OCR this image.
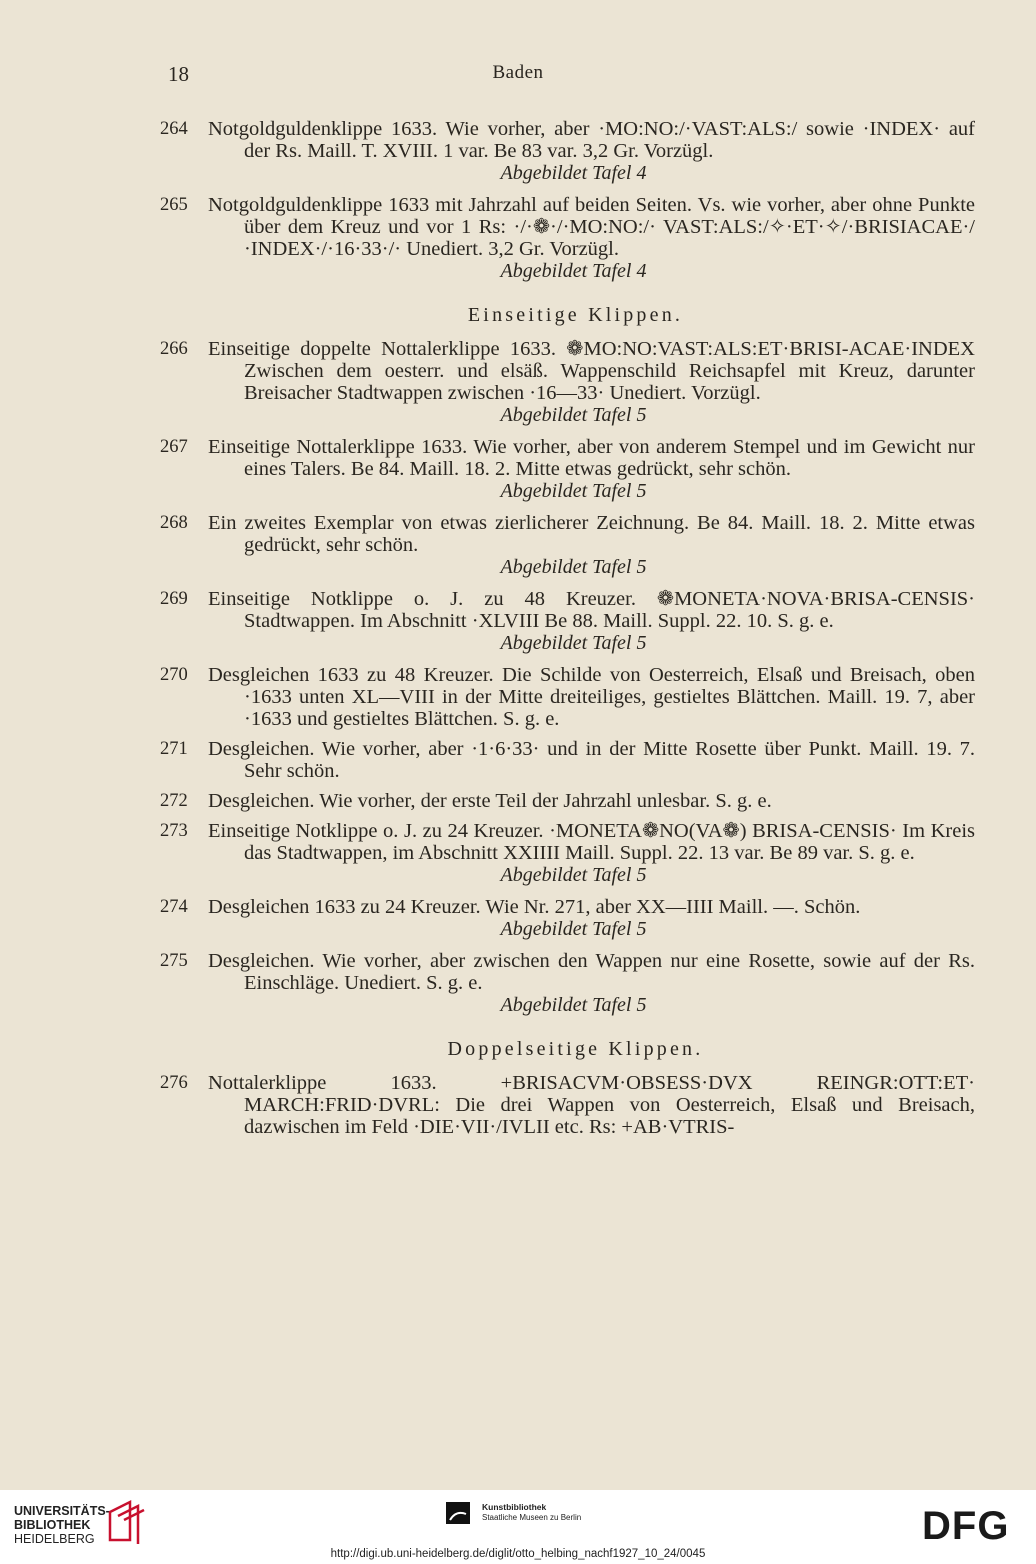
18	Baden
264 Notgoldguldenklippe 1633. Wie vorher, aber ·MO:NO:/·VAST:ALS:/ sowie ·INDEX· auf der Rs. Maill. T. XVIII. 1 var. Be 83 var. 3,2 Gr. Vorzügl.
Abgebildet Tafel 4
265 Notgoldguldenklippe 1633 mit Jahrzahl auf beiden Seiten. Vs. wie vorher, aber ohne Punkte über dem Kreuz und vor 1 Rs: ·/·❁·/·MO:NO:/· VAST:ALS:/✧·ET·✧/·BRISIACAE·/·INDEX·/·16·33·/· Unediert. 3,2 Gr. Vorzügl.
Abgebildet Tafel 4
Einseitige Klippen.
266 Einseitige doppelte Nottalerklippe 1633. ❁MO:NO:VAST:ALS:ET·BRISI-ACAE·INDEX Zwischen dem oesterr. und elsäß. Wappenschild Reichsapfel mit Kreuz, darunter Breisacher Stadtwappen zwischen ·16—33· Unediert. Vorzügl.
Abgebildet Tafel 5
267 Einseitige Nottalerklippe 1633. Wie vorher, aber von anderem Stempel und im Gewicht nur eines Talers. Be 84. Maill. 18. 2. Mitte etwas gedrückt, sehr schön.
Abgebildet Tafel 5
268 Ein zweites Exemplar von etwas zierlicherer Zeichnung. Be 84. Maill. 18. 2. Mitte etwas gedrückt, sehr schön.
Abgebildet Tafel 5
269 Einseitige Notklippe o. J. zu 48 Kreuzer. ❁MONETA·NOVA·BRISA-CENSIS· Stadtwappen. Im Abschnitt ·XLVIII Be 88. Maill. Suppl. 22. 10. S. g. e.
Abgebildet Tafel 5
270 Desgleichen 1633 zu 48 Kreuzer. Die Schilde von Oesterreich, Elsaß und Breisach, oben ·1633 unten XL—VIII in der Mitte dreiteiliges, gestieltes Blättchen. Maill. 19. 7, aber ·1633 und gestieltes Blättchen. S. g. e.
271 Desgleichen. Wie vorher, aber ·1·6·33· und in der Mitte Rosette über Punkt. Maill. 19. 7. Sehr schön.
272 Desgleichen. Wie vorher, der erste Teil der Jahrzahl unlesbar. S. g. e.
273 Einseitige Notklippe o. J. zu 24 Kreuzer. ·MONETA❁NO(VA❁) BRISA-CENSIS· Im Kreis das Stadtwappen, im Abschnitt XXIIII Maill. Suppl. 22. 13 var. Be 89 var. S. g. e.
Abgebildet Tafel 5
274 Desgleichen 1633 zu 24 Kreuzer. Wie Nr. 271, aber XX—IIII Maill. —. Schön.
Abgebildet Tafel 5
275 Desgleichen. Wie vorher, aber zwischen den Wappen nur eine Rosette, sowie auf der Rs. Einschläge. Unediert. S. g. e.
Abgebildet Tafel 5
Doppelseitige Klippen.
276 Nottalerklippe 1633. +BRISACVM·OBSESS·DVX REINGR:OTT:ET· MARCH:FRID·DVRL: Die drei Wappen von Oesterreich, Elsaß und Breisach, dazwischen im Feld ·DIE·VII·/IVLII etc. Rs: +AB·VTRIS-
UNIVERSITÄTS-
BIBLIOTHEK
HEIDELBERG
Kunstbibliothek
Staatliche Museen zu Berlin	DFG
http://digi.ub.uni-heidelberg.de/diglit/otto_helbing_nachf1927_10_24/0045
